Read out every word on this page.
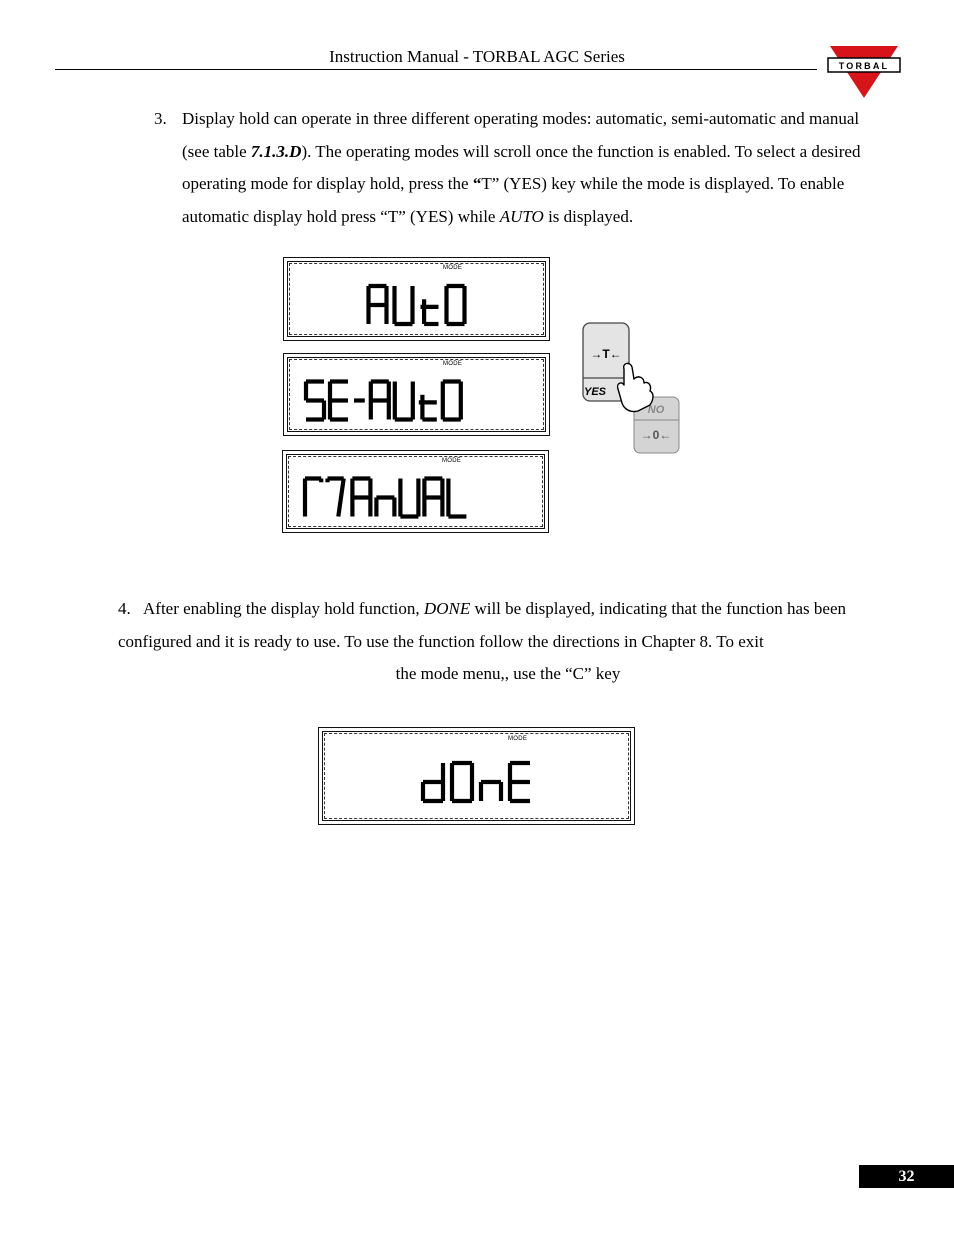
Instruction Manual - TORBAL AGC Series	TORBAL
3. Display hold can operate in three different operating modes: automatic, semi-automatic and manual (see table 7.1.3.D). The operating modes will scroll once the function is enabled. To select a desired operating mode for display hold, press the “T” (YES) key while the mode is displayed. To enable automatic display hold press “T” (YES) while AUTO is displayed.
MODE
MODE
MODE
MODE
NO
→0←
→T←
YES
4. After enabling the display hold function, DONE will be displayed, indicating that the function has been configured and it is ready to use. To use the function follow the directions in Chapter 8. To exit
the mode menu,, use the “C” key
32
